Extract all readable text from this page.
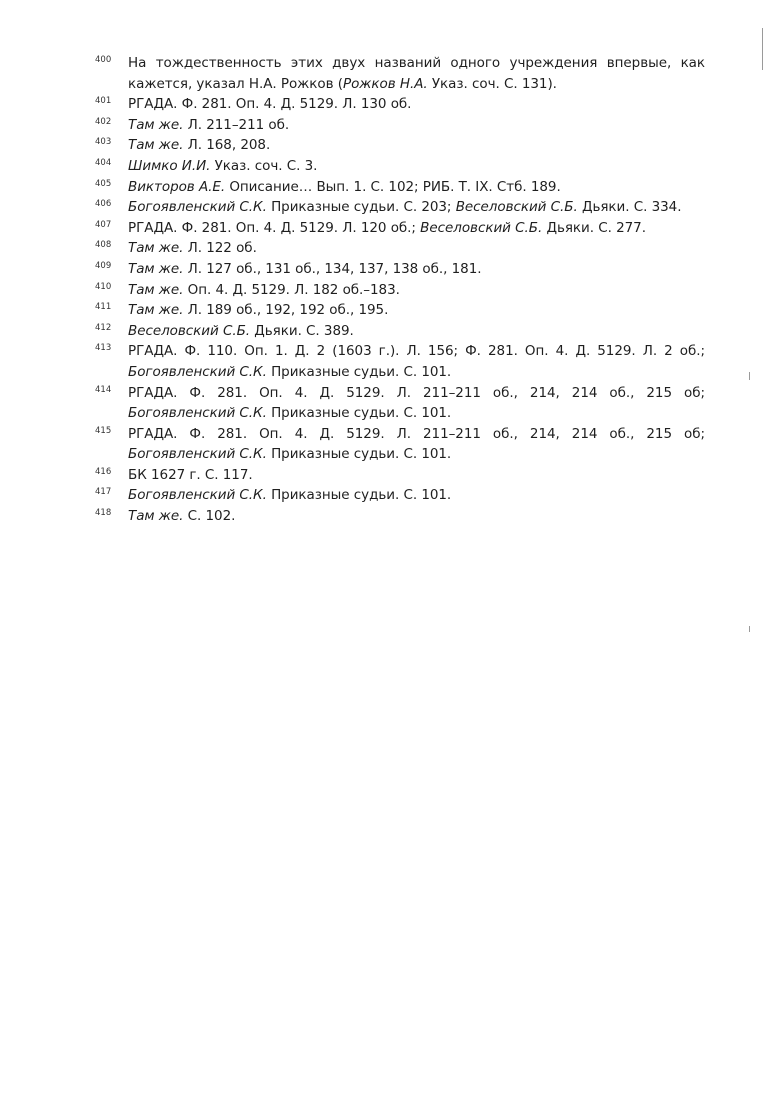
400	На тождественность этих двух названий одного учреждения впервые, как кажется, указал Н.А. Рожков (Рожков Н.А. Указ. соч. С. 131).
401	РГАДА. Ф. 281. Оп. 4. Д. 5129. Л. 130 об.
402	Там же. Л. 211–211 об.
403	Там же. Л. 168, 208.
404	Шимко И.И. Указ. соч. С. 3.
405	Викторов А.Е. Описание… Вып. 1. С. 102; РИБ. Т. IX. Стб. 189.
406	Богоявленский С.К. Приказные судьи. С. 203; Веселовский С.Б. Дьяки. С. 334.
407	РГАДА. Ф. 281. Оп. 4. Д. 5129. Л. 120 об.; Веселовский С.Б. Дьяки. С. 277.
408	Там же. Л. 122 об.
409	Там же. Л. 127 об., 131 об., 134, 137, 138 об., 181.
410	Там же. Оп. 4. Д. 5129. Л. 182 об.–183.
411	Там же. Л. 189 об., 192, 192 об., 195.
412	Веселовский С.Б. Дьяки. С. 389.
413	РГАДА. Ф. 110. Оп. 1. Д. 2 (1603 г.). Л. 156; Ф. 281. Оп. 4. Д. 5129. Л. 2 об.; Богоявленский С.К. Приказные судьи. С. 101.
414	РГАДА. Ф. 281. Оп. 4. Д. 5129. Л. 211–211 об., 214, 214 об., 215 об; Богоявленский С.К. Приказные судьи. С. 101.
415	РГАДА. Ф. 281. Оп. 4. Д. 5129. Л. 211–211 об., 214, 214 об., 215 об; Богоявленский С.К. Приказные судьи. С. 101.
416	БК 1627 г. С. 117.
417	Богоявленский С.К. Приказные судьи. С. 101.
418	Там же. С. 102.
